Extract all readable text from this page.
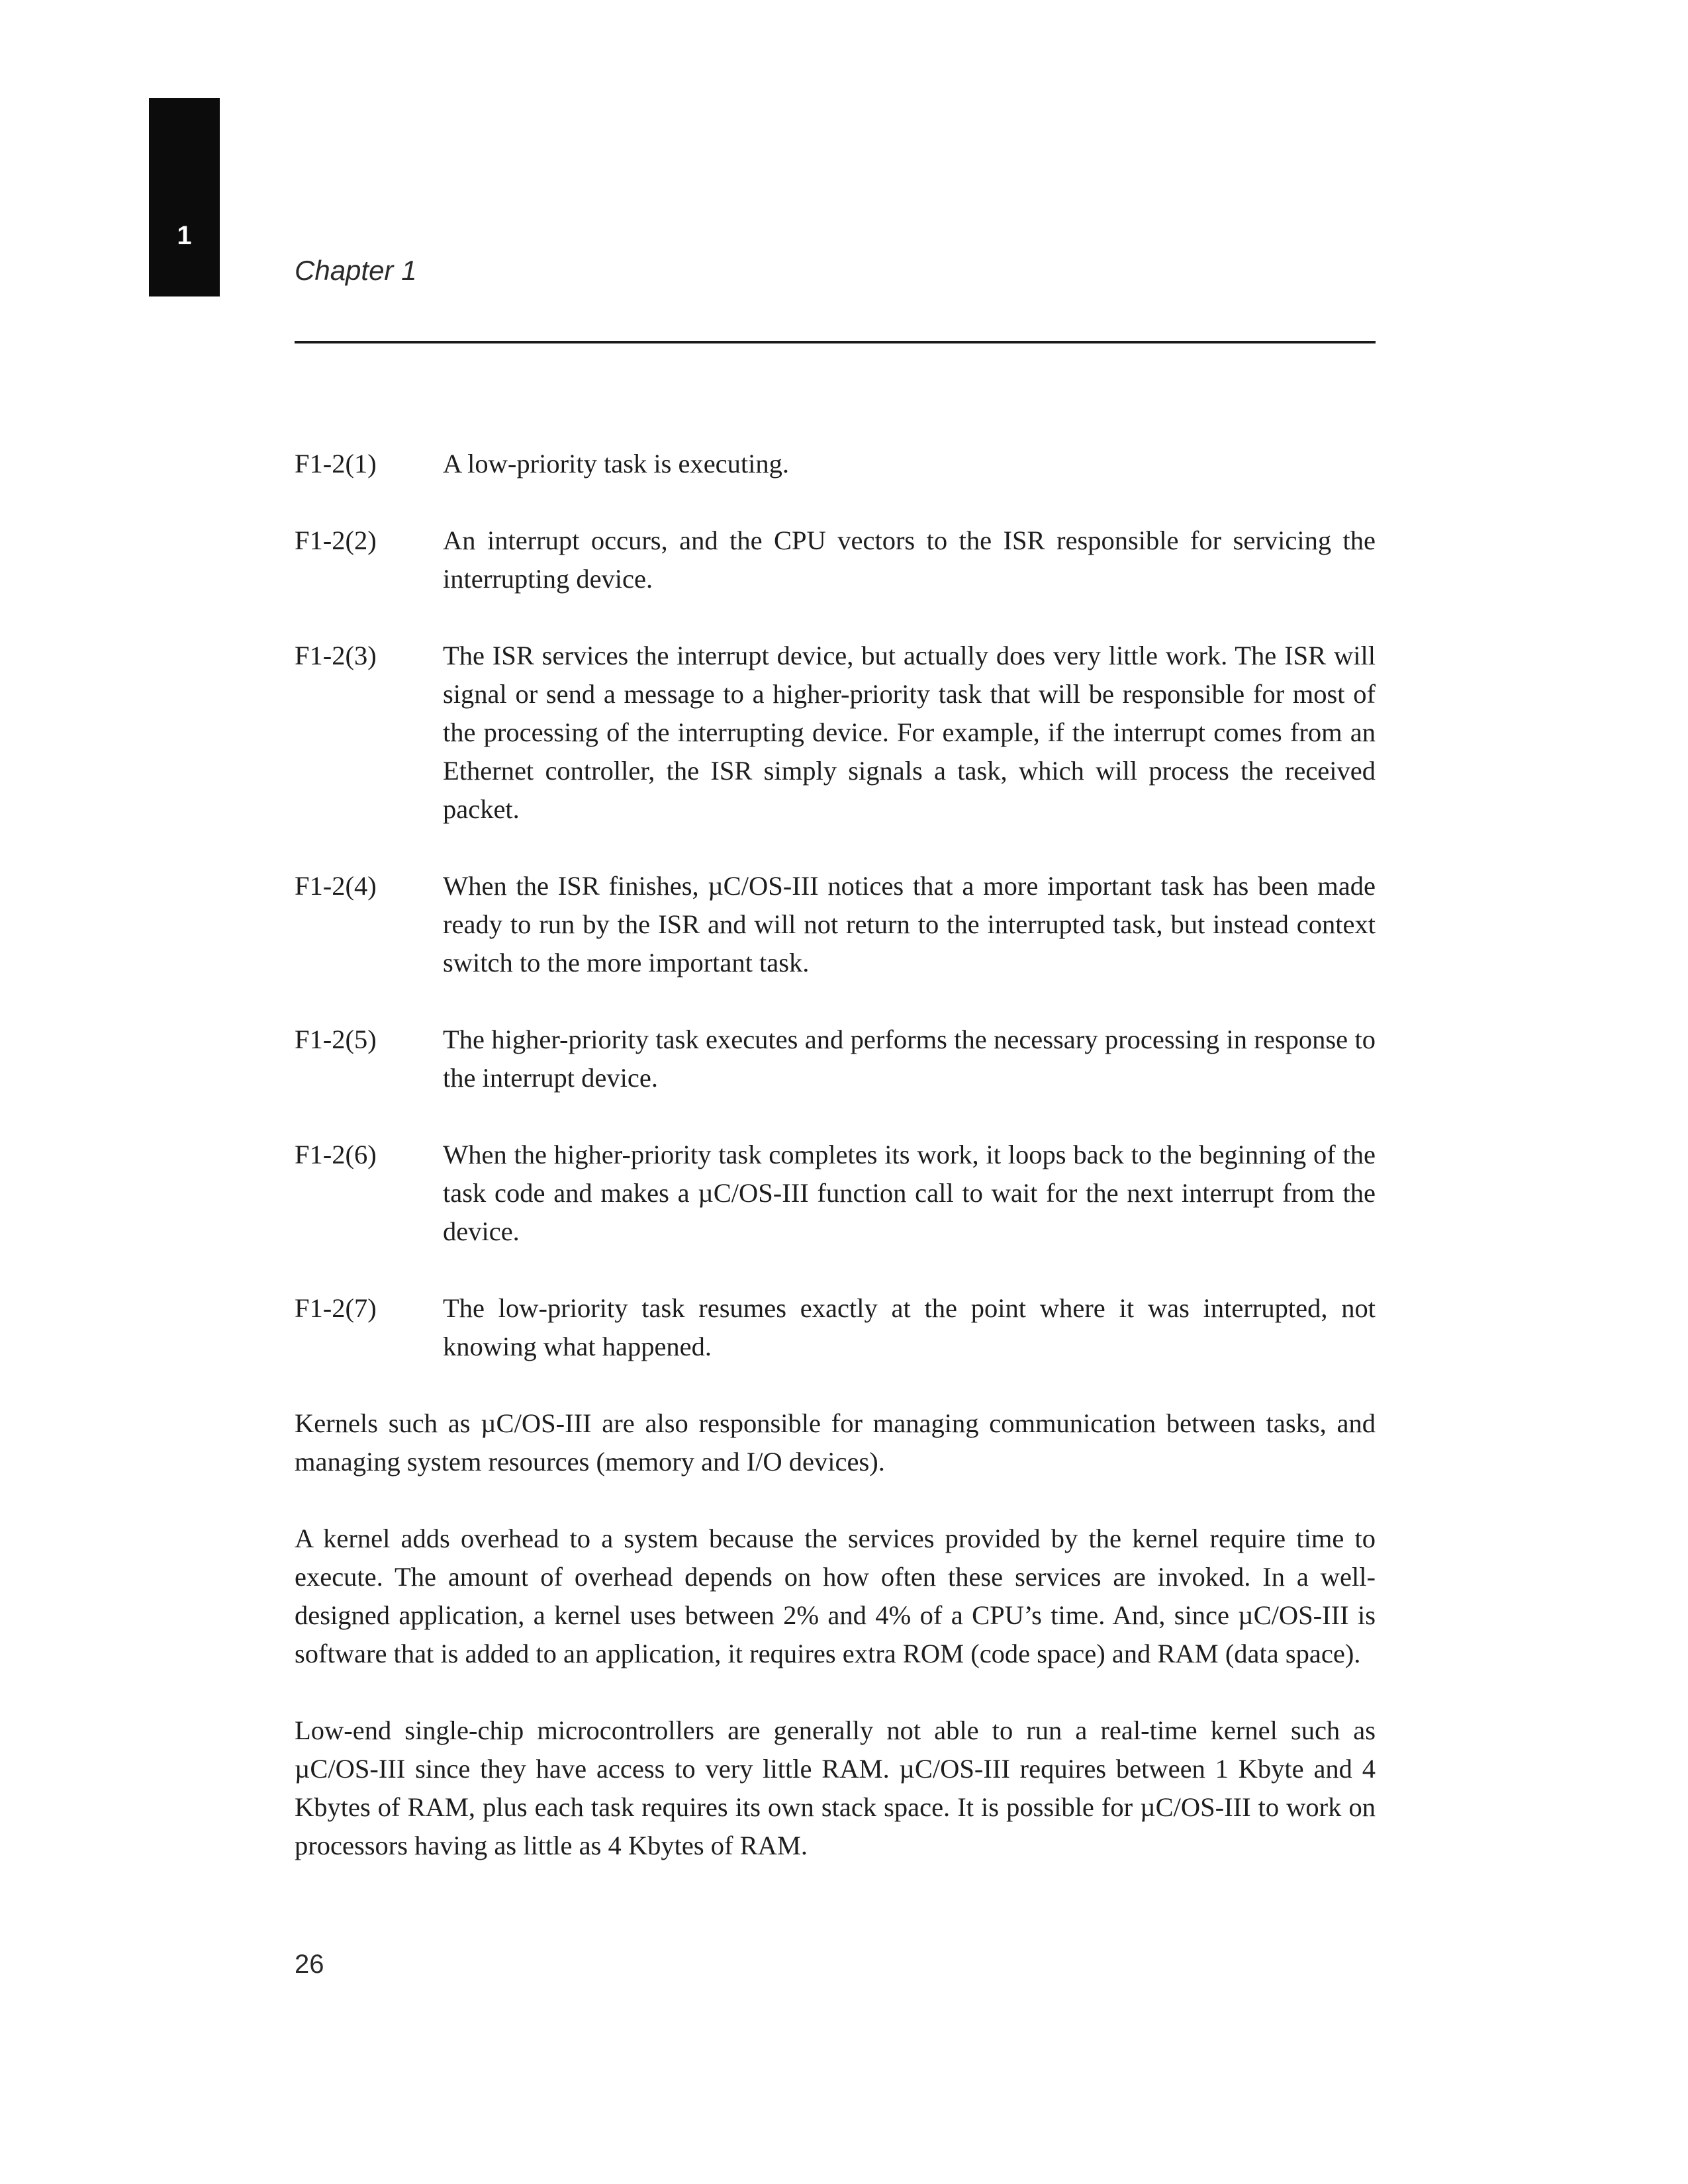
1
Chapter 1
F1-2(1)	A low-priority task is executing.
F1-2(2)	An interrupt occurs, and the CPU vectors to the ISR responsible for servicing the interrupting device.
F1-2(3)	The ISR services the interrupt device, but actually does very little work. The ISR will signal or send a message to a higher-priority task that will be responsible for most of the processing of the interrupting device. For example, if the interrupt comes from an Ethernet controller, the ISR simply signals a task, which will process the received packet.
F1-2(4)	When the ISR finishes, µC/OS-III notices that a more important task has been made ready to run by the ISR and will not return to the interrupted task, but instead context switch to the more important task.
F1-2(5)	The higher-priority task executes and performs the necessary processing in response to the interrupt device.
F1-2(6)	When the higher-priority task completes its work, it loops back to the beginning of the task code and makes a µC/OS-III function call to wait for the next interrupt from the device.
F1-2(7)	The low-priority task resumes exactly at the point where it was interrupted, not knowing what happened.

Kernels such as µC/OS-III are also responsible for managing communication between tasks, and managing system resources (memory and I/O devices).

A kernel adds overhead to a system because the services provided by the kernel require time to execute. The amount of overhead depends on how often these services are invoked. In a well-designed application, a kernel uses between 2% and 4% of a CPU’s time. And, since µC/OS-III is software that is added to an application, it requires extra ROM (code space) and RAM (data space).

Low-end single-chip microcontrollers are generally not able to run a real-time kernel such as µC/OS-III since they have access to very little RAM. µC/OS-III requires between 1 Kbyte and 4 Kbytes of RAM, plus each task requires its own stack space. It is possible for µC/OS-III to work on processors having as little as 4 Kbytes of RAM.

26
